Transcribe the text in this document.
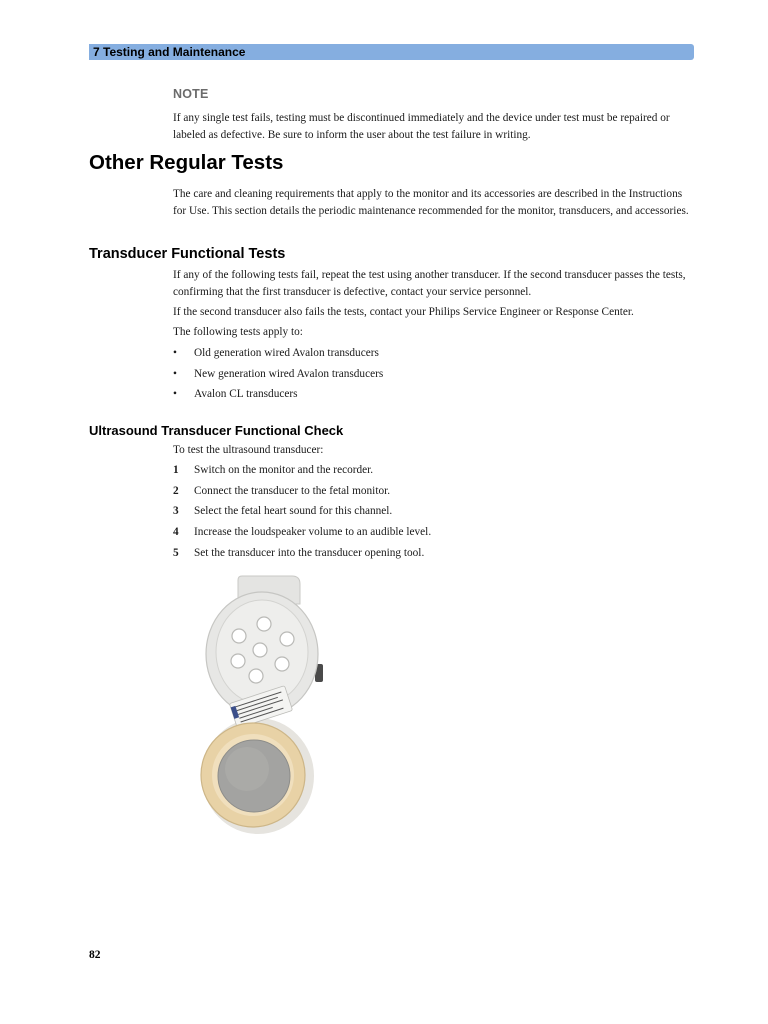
7 Testing and Maintenance
NOTE

If any single test fails, testing must be discontinued immediately and the device under test must be repaired or labeled as defective. Be sure to inform the user about the test failure in writing.

Other Regular Tests

The care and cleaning requirements that apply to the monitor and its accessories are described in the Instructions for Use. This section details the periodic maintenance recommended for the monitor, transducers, and accessories.

Transducer Functional Tests

If any of the following tests fail, repeat the test using another transducer. If the second transducer passes the tests, confirming that the first transducer is defective, contact your service personnel.

If the second transducer also fails the tests, contact your Philips Service Engineer or Response Center.

The following tests apply to:

• Old generation wired Avalon transducers
• New generation wired Avalon transducers
• Avalon CL transducers
Ultrasound Transducer Functional Check

To test the ultrasound transducer:

1 Switch on the monitor and the recorder.
2 Connect the transducer to the fetal monitor.
3 Select the fetal heart sound for this channel.
4 Increase the loudspeaker volume to an audible level.
5 Set the transducer into the transducer opening tool.
82
